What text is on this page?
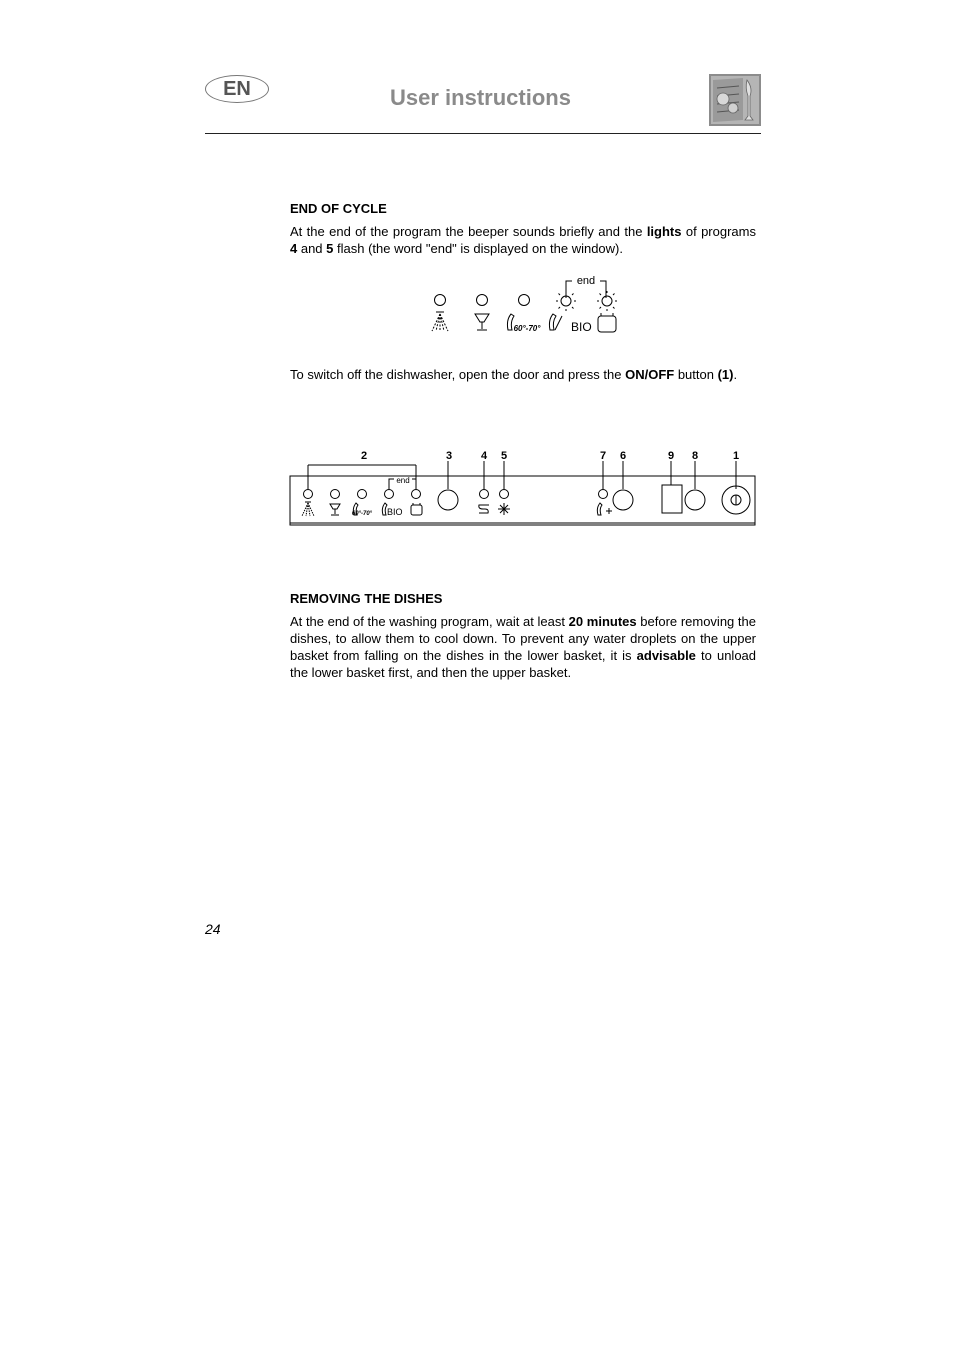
EN	User instructions
END OF CYCLE
At the end of the program the beeper sounds briefly and the lights of programs 4 and 5 flash (the word "end" is displayed on the window).
end
60°-70°	BIO
To switch off the dishwasher, open the door and press the ON/OFF button (1).
2	3	4 5	7 6	9 8	1
end
60°-70° BIO
REMOVING THE DISHES
At the end of the washing program, wait at least 20 minutes before removing the dishes, to allow them to cool down. To prevent any water droplets on the upper basket from falling on the dishes in the lower basket, it is advisable to unload the lower basket first, and then the upper basket.
24
